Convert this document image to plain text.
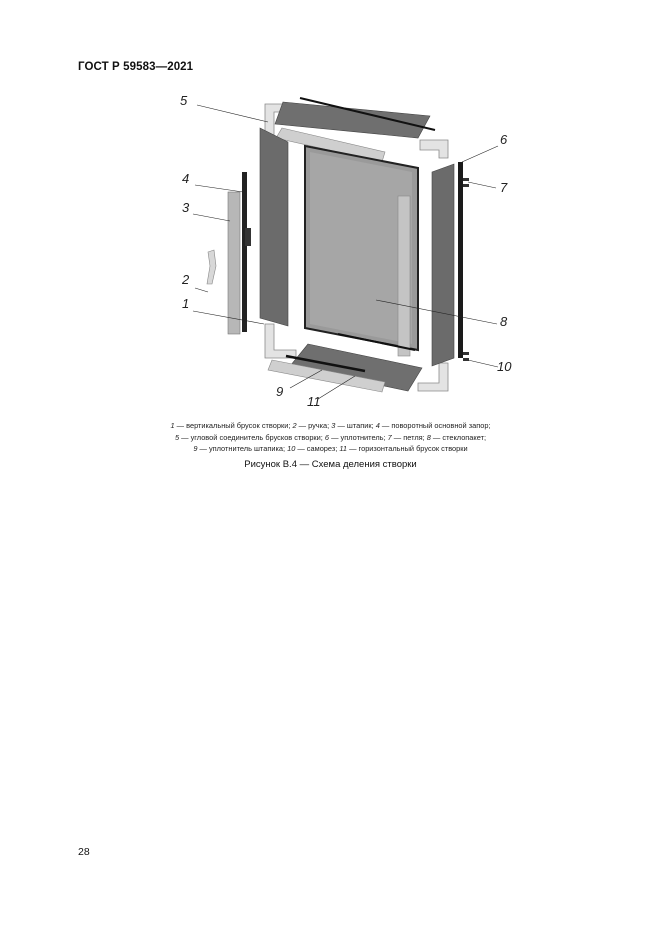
ГОСТ Р 59583—2021
5
4
3
2
1
6
7
8
10
9
11
1 — вертикальный брусок створки; 2 — ручка; 3 — штапик; 4 — поворотный основной запор;
5 — угловой соединитель брусков створки; 6 — уплотнитель; 7 — петля; 8 — стеклопакет;
9 — уплотнитель штапика; 10 — саморез; 11 — горизонтальный брусок створки
Рисунок В.4 — Схема деления створки
28
